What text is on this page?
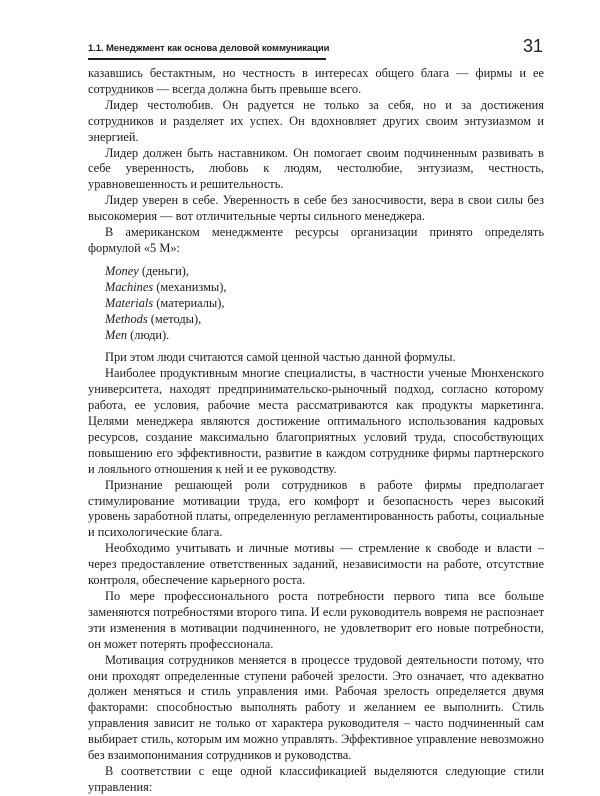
1.1. Менеджмент как основа деловой коммуникации	31

казавшись бестактным, но честность в интересах общего блага — фирмы и ее сотрудников — всегда должна быть превыше всего.

Лидер честолюбив. Он радуется не только за себя, но и за достижения сотрудников и разделяет их успех. Он вдохновляет других своим энтузиазмом и энергией.

Лидер должен быть наставником. Он помогает своим подчиненным развивать в себе уверенность, любовь к людям, честолюбие, энтузиазм, честность, уравновешенность и решительность.

Лидер уверен в себе. Уверенность в себе без заносчивости, вера в свои силы без высокомерия — вот отличительные черты сильного менеджера.

В американском менеджменте ресурсы организации принято определять формулой «5 М»:

Money (деньги),
Machines (механизмы),
Materials (материалы),
Methods (методы),
Men (люди).

При этом люди считаются самой ценной частью данной формулы.

Наиболее продуктивным многие специалисты, в частности ученые Мюнхенского университета, находят предпринимательско-рыночный подход, согласно которому работа, ее условия, рабочие места рассматриваются как продукты маркетинга. Целями менеджера являются достижение оптимального использования кадровых ресурсов, создание максимально благоприятных условий труда, способствующих повышению его эффективности, развитие в каждом сотруднике фирмы партнерского и лояльного отношения к ней и ее руководству.

Признание решающей роли сотрудников в работе фирмы предполагает стимулирование мотивации труда, его комфорт и безопасность через высокий уровень заработной платы, определенную регламентированность работы, социальные и психологические блага.

Необходимо учитывать и личные мотивы — стремление к свободе и власти – через предоставление ответственных заданий, независимости на работе, отсутствие контроля, обеспечение карьерного роста.

По мере профессионального роста потребности первого типа все больше заменяются потребностями второго типа. И если руководитель вовремя не распознает эти изменения в мотивации подчиненного, не удовлетворит его новые потребности, он может потерять профессионала.

Мотивация сотрудников меняется в процессе трудовой деятельности потому, что они проходят определенные ступени рабочей зрелости. Это означает, что адекватно должен меняться и стиль управления ими. Рабочая зрелость определяется двумя факторами: способностью выполнять работу и желанием ее выполнить. Стиль управления зависит не только от характера руководителя – часто подчиненный сам выбирает стиль, которым им можно управлять. Эффективное управление невозможно без взаимопонимания сотрудников и руководства.

В соответствии с еще одной классификацией выделяются следующие стили управления:
